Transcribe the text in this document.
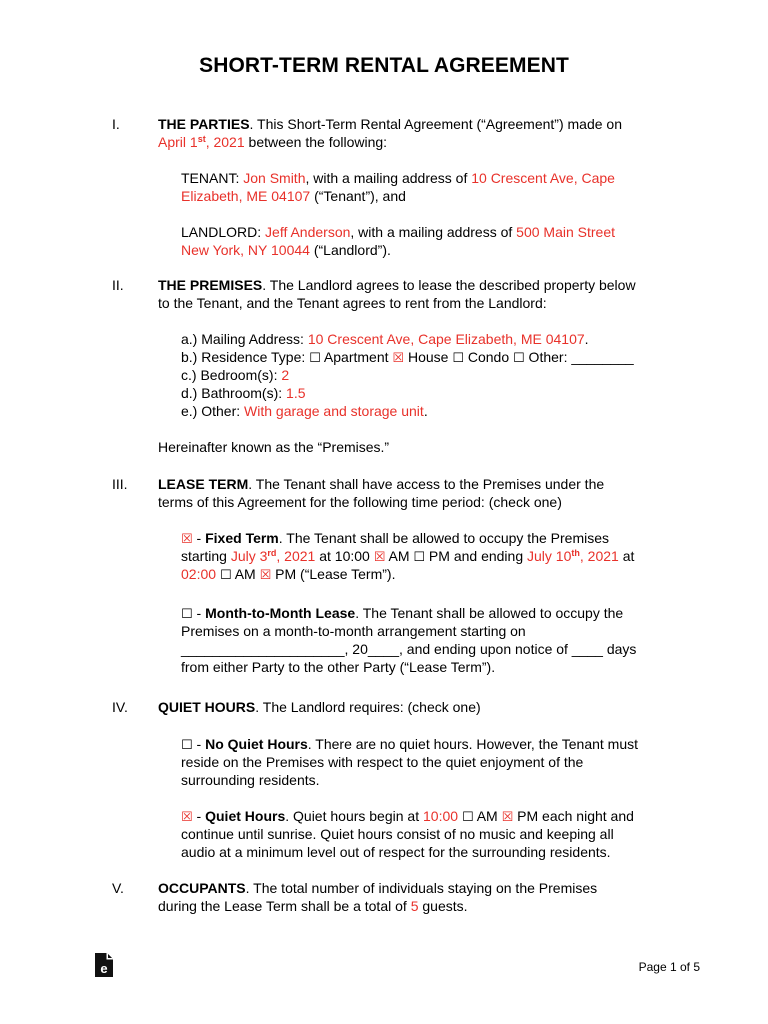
SHORT-TERM RENTAL AGREEMENT
I.	THE PARTIES. This Short-Term Rental Agreement (“Agreement”) made on
April 1st, 2021 between the following:
TENANT: Jon Smith, with a mailing address of 10 Crescent Ave, Cape
Elizabeth, ME 04107 (“Tenant”), and
LANDLORD: Jeff Anderson, with a mailing address of 500 Main Street
New York, NY 10044 (“Landlord”).
II. THE PREMISES. The Landlord agrees to lease the described property below
to the Tenant, and the Tenant agrees to rent from the Landlord:
a.) Mailing Address: 10 Crescent Ave, Cape Elizabeth, ME 04107.
b.) Residence Type: ☐ Apartment ☒ House ☐ Condo ☐ Other: ________
c.) Bedroom(s): 2
d.) Bathroom(s): 1.5
e.) Other: With garage and storage unit.
Hereinafter known as the “Premises.”
III. LEASE TERM. The Tenant shall have access to the Premises under the
terms of this Agreement for the following time period: (check one)
☒ - Fixed Term. The Tenant shall be allowed to occupy the Premises
starting July 3rd, 2021 at 10:00 ☒ AM ☐ PM and ending July 10th, 2021 at
02:00 ☐ AM ☒ PM (“Lease Term”).
☐ - Month-to-Month Lease. The Tenant shall be allowed to occupy the
Premises on a month-to-month arrangement starting on
_____________________, 20____, and ending upon notice of ____ days
from either Party to the other Party (“Lease Term”).
IV. QUIET HOURS. The Landlord requires: (check one)
☐ - No Quiet Hours. There are no quiet hours. However, the Tenant must
reside on the Premises with respect to the quiet enjoyment of the
surrounding residents.
☒ - Quiet Hours. Quiet hours begin at 10:00 ☐ AM ☒ PM each night and
continue until sunrise. Quiet hours consist of no music and keeping all
audio at a minimum level out of respect for the surrounding residents.
V. OCCUPANTS. The total number of individuals staying on the Premises
during the Lease Term shall be a total of 5 guests.
e	Page 1 of 5
